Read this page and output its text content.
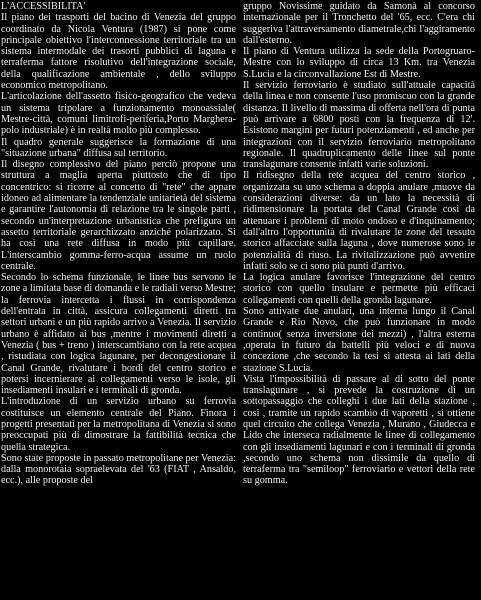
L'ACCESSIBILITA'

Il piano dei trasporti del bacino di Venezia del gruppo coordinato da Nicola Ventura (1987) si pone come principale obiettivo l'interconnessione territoriale tra un sistema intermodale dei trasorti pubblici di laguna e terraferma fattore risolutivo dell'integrazione sociale, della qualificazione ambientale , dello sviluppo economico metropolitano.

L'articolazione dell'assetto fisico-geografico che vedeva un sistema tripolare a funzionamento monoassiale( Mestre-città, comuni limitrofi-periferia,Porto Marghera-polo industriale) è in realtà molto più complesso.

Il quadro generale suggerisce la formazione di una "situazione urbana" diffusa sul territorio.

Il disegno complessivo del piano perciò propone una struttura a maglia aperta piuttosto che di tipo concentrico: si ricorre al concetto di "rete" che appare idoneo ad alimentare la tendenziale unitarietà del sistema e garantire l'autonomia di relazione tra le singole parti , secondo un'interpretazione urbanistica che prefigura un assetto territoriale gerarchizzato anziché polarizzato. Si ha così una rete diffusa in modo più capillare. L'interscambio gomma-ferro-acqua assume un ruolo centrale.

Secondo lo schema funzionale, le linee bus servono le zone a limitata base di domanda e le radiali verso Mestre; la ferrovia intercetta i flussi in corrispondenza dell'entrata in città, assicura collegamenti diretti tra settori urbani e un più rapido arrivo a Venezia. Il servizio urbano è affidato ai bus ,mentre i movimenti diretti a Venezia ( bus + treno ) interscambiano con la rete acquea , ristudiata con logica lagunare, per decongestionare il Canal Grande, rivalutare i bordi del centro storico e potersi incernierare ai collegamenti verso le isole, gli insediamenti insulari e i terminali di gronda.

L'introduzione di un servizio urbano su ferrovia costituisce un elemento centrale del Piano. Finora i progetti presentati per la metropolitana di Venezia si sono preoccupati più di dimostrare la fattibilità tecnica che quella strategica.

Sono state proposte in passato metropolitane per Venezia: dalla monorotaia sopraelevata del '63 (FIAT , Ansaldo, ecc.), alle proposte del

gruppo Novissime guidato da Samonà al concorso internazionale per il Tronchetto del '65, ecc. C'era chi suggeriva l'attraversamento diametrale,chi l'aggiramento dall'esterno.

Il piano di Ventura utilizza la sede della Portogruaro-Mestre con lo sviluppo di circa 13 Km. tra Venezia S.Lucia e la circonvallazione Est di Mestre.

Il servizio ferroviario è studiato sull'attuale capacità della linea e non consente l'uso promiscuo con la grande distanza. Il livello di massima di offerta nell'ora di punta può arrivare a 6800 posti con la frequenza di 12'. Esistono margini per futuri potenziamenti , ed anche per integrazioni con il servizio ferroviario metropolitano regionale. Il quadruplicamento delle linee sul ponte translagunare consente infatti varie soluzioni.

Il ridisegno della rete acquea del centro storico , organizzata su uno schema a doppia anulare ,muove da considerazioni diverse: da un lato la necessità di ridimensionare la portata del Canal Grande così da attenuare i problemi di moto ondoso e d'inquinamento; dall'altro l'opportunità di rivalutare le zone del tessuto storico affacciate sulla laguna , dove numerose sono le potenzialità di riuso. La rivitalizzazione può avvenire infatti solo se ci sono più punti d'arrivo.

La logica anulare favorisce l'integrazione del centro storico con quello insulare e permette più efficaci collegamenti con quelli della gronda lagunare.

Sono attivate due anulari, una interna lungo il Canal Grande e Rio Novo, che può funzionare in modo continuo( senza inversione dei mezzi) , l'altra esterna ,operata in futuro da battelli più veloci e di nuova concezione ,che secondo la tesi si attesta ai lati della stazione S.Lucia.

Vista l'impossibilità di passare al di sotto del ponte translagunare , si prevede la costruzione di un sottopassaggio che colleghi i due lati della stazione , così , tramite un rapido scambio di vaporetti , si ottiene quel circuito che collega Venezia , Murano , Giudecca e Lido che interseca radialmente le linee di collegamento con gli insediamenti lagunari e con i terminali di gronda ,secondo uno schema non dissimile da quello di terraferma tra "semiloop" ferroviario e vettori della rete su gomma.
